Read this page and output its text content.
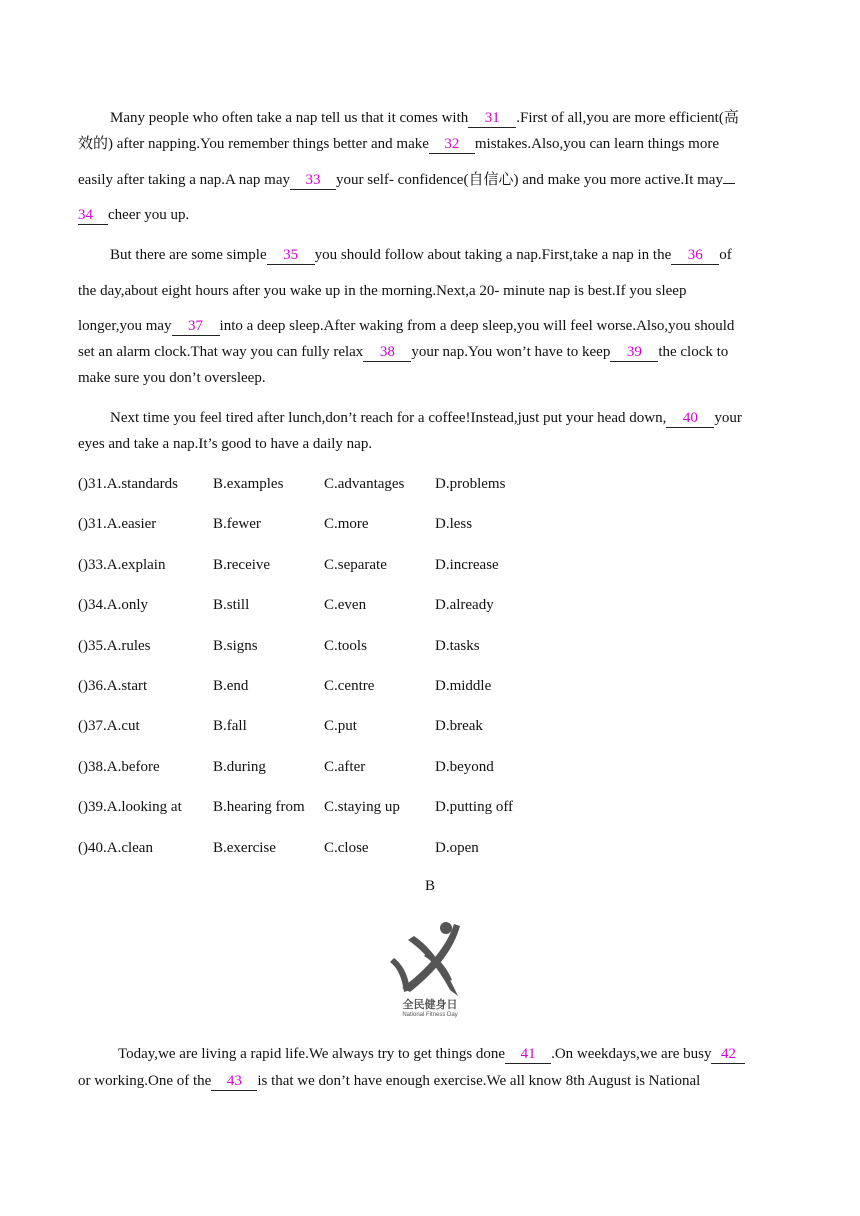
Many people who often take a nap tell us that it comes with 31 .First of all,you are more efficient(高
效的) after napping.You remember things better and make 32 mistakes.Also,you can learn things more
easily after taking a nap.A nap may 33 your self- confidence(自信心) and make you more active.It may
34 cheer you up.
But there are some simple 35 you should follow about taking a nap.First,take a nap in the 36 of
the day,about eight hours after you wake up in the morning.Next,a 20- minute nap is best.If you sleep
longer,you may 37 into a deep sleep.After waking from a deep sleep,you will feel worse.Also,you should
set an alarm clock.That way you can fully relax 38 your nap.You won’t have to keep 39 the clock to
make sure you don’t oversleep.
Next time you feel tired after lunch,don’t reach for a coffee!Instead,just put your head down, 40 your
eyes and take a nap.It’s good to have a daily nap.
()31.A.standards B.examples	C.advantages D.problems
()31.A.easier	B.fewer	C.more	D.less
()33.A.explain	B.receive	C.separate	D.increase
()34.A.only	B.still	C.even	D.already
()35.A.rules	B.signs	C.tools	D.tasks
()36.A.start	B.end	C.centre	D.middle
()37.A.cut	B.fall	C.put	D.break
()38.A.before	B.during	C.after	D.beyond
()39.A.looking at B.hearing from C.staying up D.putting off
()40.A.clean	B.exercise	C.close	D.open
B
全民健身日
National Fitness Day
Today,we are living a rapid life.We always try to get things done 41 .On weekdays,we are busy 42
or working.One of the 43 is that we don’t have enough exercise.We all know 8th August is National
